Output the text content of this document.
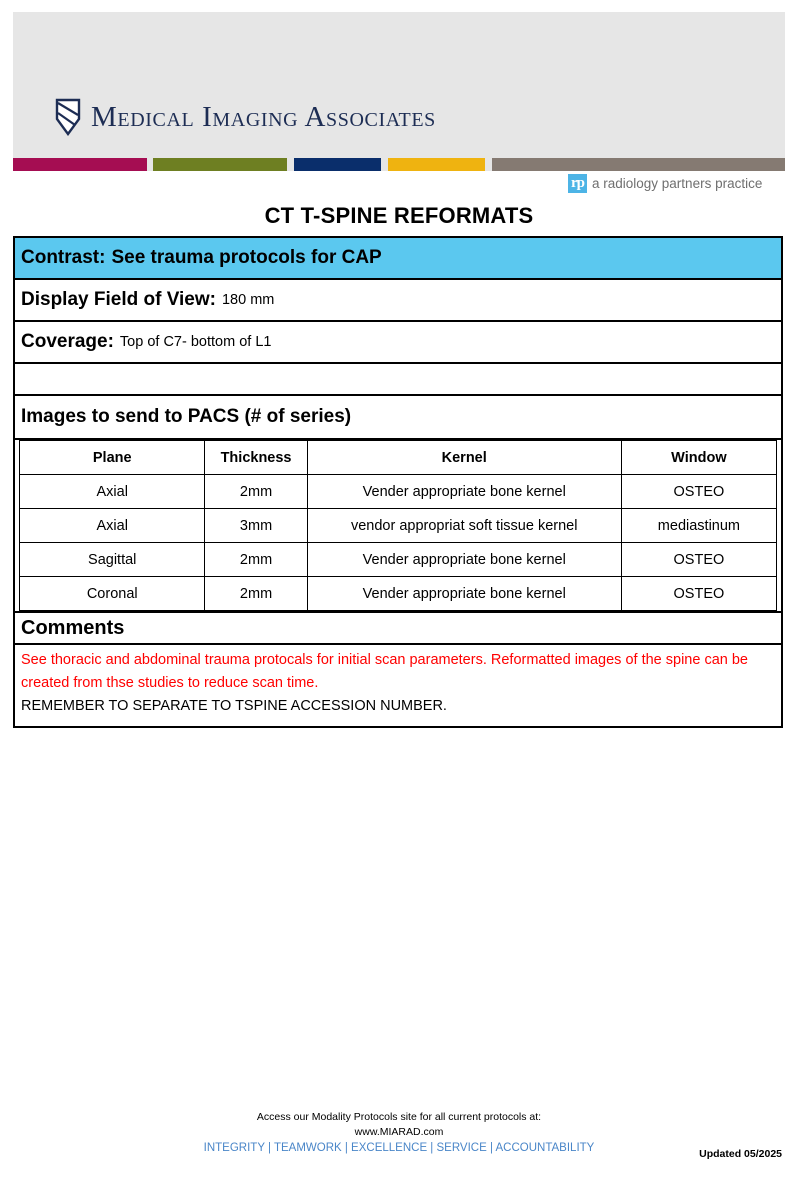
Medical Imaging Associates
rp a radiology partners practice
CT T-SPINE REFORMATS
Contrast: See trauma protocols for CAP
Display Field of View: 180 mm
Coverage: Top of C7- bottom of L1
Images to send to PACS (# of series)
Plane	Thickness	Kernel	Window
Axial	2mm	Vender appropriate bone kernel	OSTEO
Axial	3mm	vendor appropriat soft tissue kernel	mediastinum
Sagittal	2mm	Vender appropriate bone kernel	OSTEO
Coronal	2mm	Vender appropriate bone kernel	OSTEO
Comments
See thoracic and abdominal trauma protocals for initial scan parameters. Reformatted images of the spine can be created from thse studies to reduce scan time.
REMEMBER TO SEPARATE TO TSPINE ACCESSION NUMBER.
Access our Modality Protocols site for all current protocols at:
www.MIARAD.com
INTEGRITY | TEAMWORK | EXCELLENCE | SERVICE | ACCOUNTABILITY	Updated 05/2025
